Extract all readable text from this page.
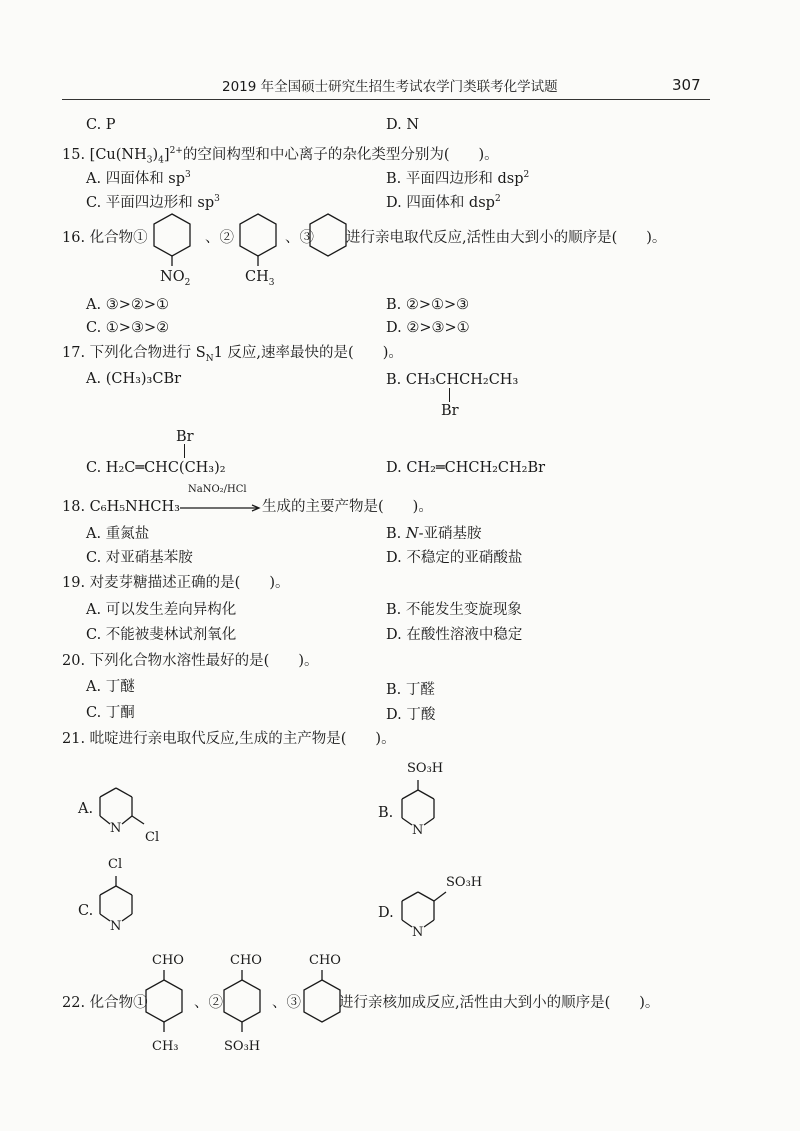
2019 年全国硕士研究生招生考试农学门类联考化学试题	307
C. P	D. N
15. $[Cu(NH_3)_4]^{2+}$的空间构型和中心离子的杂化类型分别为(　　)。
A. 四面体和 $sp^3$	B. 平面四边形和 dsp$^2$
C. 平面四边形和 $sp^3$	D. 四面体和 dsp$^2$
16. 化合物①
$NO_2$
、②
$CH_3$
、③ 进行亲电取代反应,活性由大到小的顺序是(　　)。
A. ③>②>①	B. ②>①>③
C. ①>③>②	D. ②>③>①
17. 下列化合物进行 $S_N1$ 反应,速率最快的是(　　)。
A. (CH₃)₃CBr	B. CH₃CHCH₂CH₃
Br
Br
C. H₂C═CHC(CH₃)₂	D. CH₂═CHCH₂CH₂Br
18. C₆H₅NHCH₃
NaNO₂/HCl
生成的主要产物是(　　)。
A. 重氮盐	B. N-亚硝基胺
C. 对亚硝基苯胺	D. 不稳定的亚硝酸盐
19. 对麦芽糖描述正确的是(　　)。
A. 可以发生差向异构化	B. 不能发生变旋现象
C. 不能被斐林试剂氧化	D. 在酸性溶液中稳定
20. 下列化合物水溶性最好的是(　　)。
A. 丁醚	B. 丁醛
C. 丁酮	D. 丁酸
21. 吡啶进行亲电取代反应,生成的主产物是(　　)。
A.
N
Cl
B.
SO₃H
N
C.
Cl
N
D.
SO₃H
N
22. 化合物①
CHO
CH₃
、②
CHO
SO₃H
、③
CHO
进行亲核加成反应,活性由大到小的顺序是(　　)。
